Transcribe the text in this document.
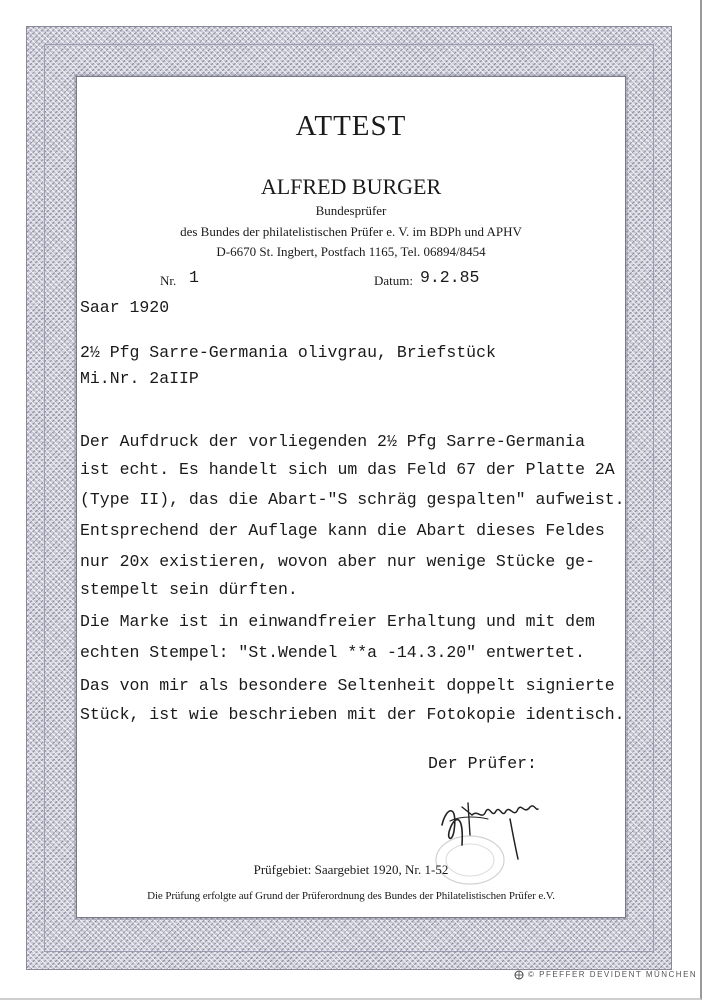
ATTEST
ALFRED BURGER
Bundesprüfer
des Bundes der philatelistischen Prüfer e. V. im BDPh und APHV
D-6670 St. Ingbert, Postfach 1165, Tel. 06894/8454
Nr. 1	Datum: 9.2.85
Saar 1920
2½ Pfg Sarre-Germania olivgrau, Briefstück
Mi.Nr. 2aIIP
Der Aufdruck der vorliegenden 2½ Pfg Sarre-Germania
ist echt. Es handelt sich um das Feld 67 der Platte 2A
(Type II), das die Abart-"S schräg gespalten" aufweist.
Entsprechend der Auflage kann die Abart dieses Feldes
nur 20x existieren, wovon aber nur wenige Stücke ge-
stempelt sein dürften.
Die Marke ist in einwandfreier Erhaltung und mit dem
echten Stempel: "St.Wendel **a -14.3.20" entwertet.
Das von mir als besondere Seltenheit doppelt signierte
Stück, ist wie beschrieben mit der Fotokopie identisch.
Der Prüfer:
Prüfgebiet: Saargebiet 1920, Nr. 1-52
Die Prüfung erfolgte auf Grund der Prüferordnung des Bundes der Philatelistischen Prüfer e.V.
© PFEFFER DEVIDENT MÜNCHEN
